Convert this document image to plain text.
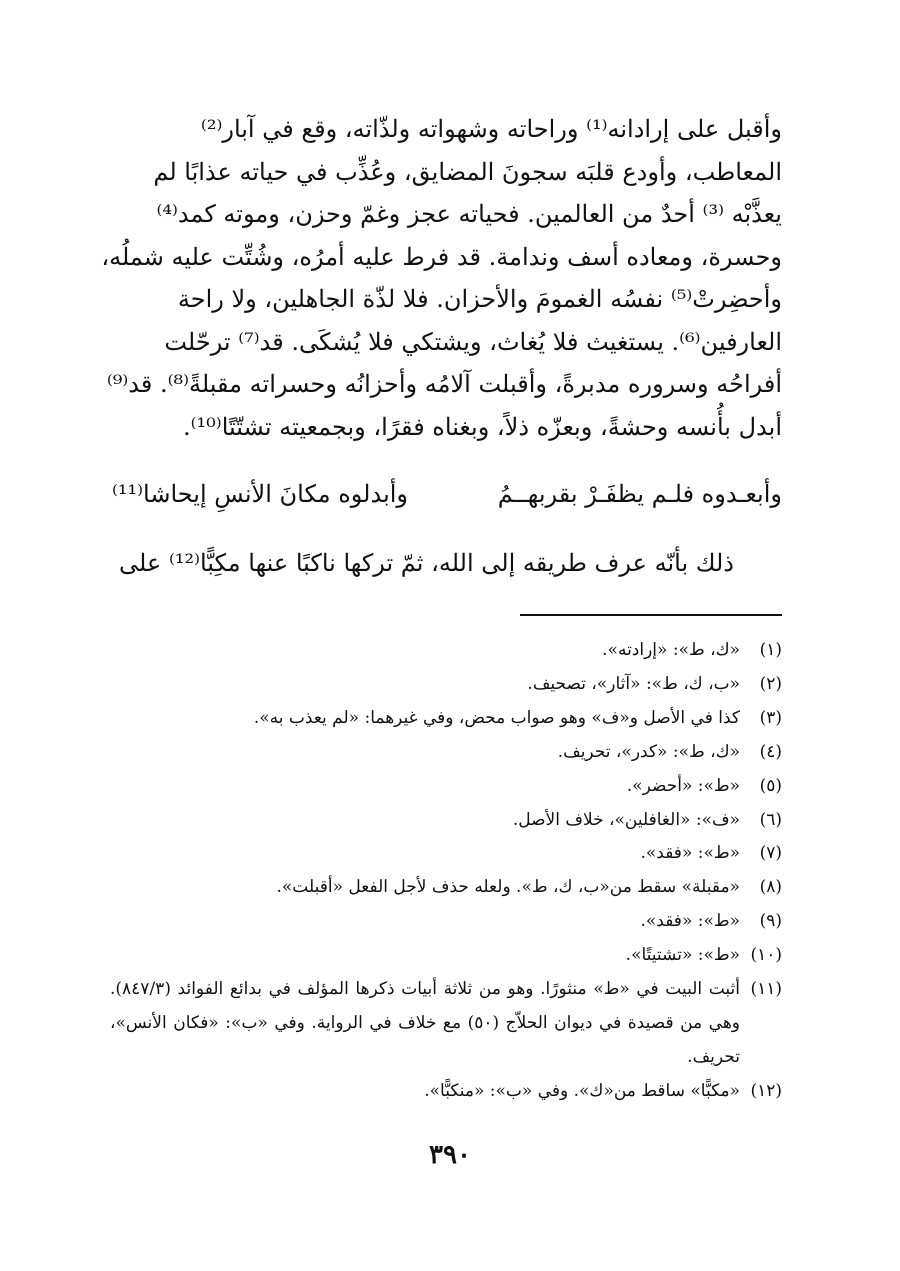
وأقبل على إرادانه⁽¹⁾ وراحاته وشهواته ولذّاته، وقع في آبار⁽²⁾
المعاطب، وأودع قلبَه سجونَ المضايق، وعُذِّب في حياته عذابًا لم
يعذَّبْه ⁽³⁾ أحدٌ من العالمين. فحياته عجز وغمّ وحزن، وموته كمد⁽⁴⁾
وحسرة، ومعاده أسف وندامة. قد فرط عليه أمرُه، وشُتِّت عليه شملُه،
وأحضِرتْ⁽⁵⁾ نفسُه الغمومَ والأحزان. فلا لذّة الجاهلين، ولا راحة
العارفين⁽⁶⁾. يستغيث فلا يُغاث، ويشتكي فلا يُشكَى. قد⁽⁷⁾ ترحّلت
أفراحُه وسروره مدبرةً، وأقبلت آلامُه وأحزانُه وحسراته مقبلةً⁽⁸⁾. قد⁽⁹⁾
أبدل بأُنسه وحشةً، وبعزّه ذلاً، وبغناه فقرًا، وبجمعيته تشتّتًا⁽¹⁰⁾.
وأبعـدوه فلـم يظفَـرْ بقربهــمُ
وأبدلوه مكانَ الأنسِ إيحاشا⁽¹¹⁾
ذلك بأنّه عرف طريقه إلى الله، ثمّ تركها ناكبًا عنها مكِبًّا⁽¹²⁾ على
(١)
«ك، ط»: «إرادته».
(٢)
«ب، ك، ط»: «آثار»، تصحيف.
(٣)
كذا في الأصل و«ف» وهو صواب محض، وفي غيرهما: «لم يعذب به».
(٤)
«ك، ط»: «كدر»، تحريف.
(٥)
«ط»: «أحضر».
(٦)
«ف»: «الغافلين»، خلاف الأصل.
(٧)
«ط»: «فقد».
(٨)
«مقبلة» سقط من«ب، ك، ط». ولعله حذف لأجل الفعل «أقبلت».
(٩)
«ط»: «فقد».
(١٠)
«ط»: «تشتيتًا».
(١١)
أثبت البيت في «ط» منثورًا. وهو من ثلاثة أبيات ذكرها المؤلف في بدائع الفوائد (٨٤٧/٣). وهي من قصيدة في ديوان الحلاّج (٥٠) مع خلاف في الرواية. وفي «ب»: «فكان الأنس»، تحريف.
(١٢)
«مكبًّا» ساقط من«ك». وفي «ب»: «منكبًّا».
٣٩٠
